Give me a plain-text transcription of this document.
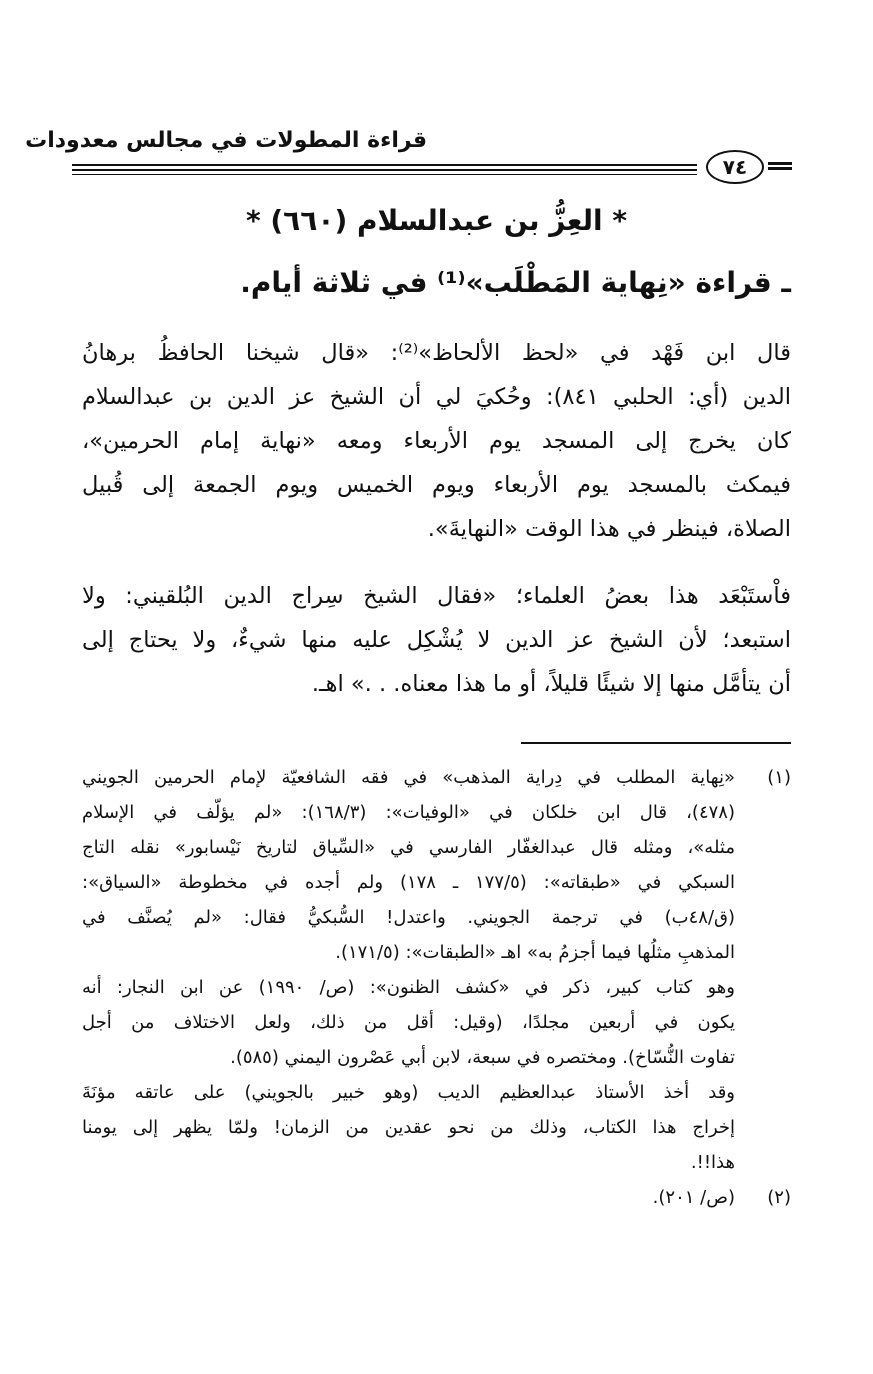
قراءة المطولات في مجالس معدودات
٧٤
* العِزُّ بن عبدالسلام (٦٦٠) *
ـ قراءة «نِهاية المَطْلَب»⁽¹⁾ في ثلاثة أيام.
قال ابن فَهْد في «لحظ الألحاظ»⁽²⁾: «قال شيخنا الحافظُ برهانُ
الدين (أي: الحلبي ٨٤١): وحُكيَ لي أن الشيخ عز الدين بن عبدالسلام
كان يخرج إلى المسجد يوم الأربعاء ومعه «نهاية إمام الحرمين»،
فيمكث بالمسجد يوم الأربعاء ويوم الخميس ويوم الجمعة إلى قُبيل
الصلاة، فينظر في هذا الوقت «النهايةَ».
فاْستَبْعَد هذا بعضُ العلماء؛ «فقال الشيخ سِراج الدين البُلقيني: ولا
استبعد؛ لأن الشيخ عز الدين لا يُشْكِل عليه منها شيءٌ، ولا يحتاج إلى
أن يتأمَّل منها إلا شيئًا قليلاً، أو ما هذا معناه. . .» اهـ.
(١)
«نِهاية المطلب في دِراية المذهب» في فقه الشافعيّة لإمام الحرمين الجويني
(٤٧٨)، قال ابن خلكان في «الوفيات»: (١٦٨/٣): «لم يؤلّف في الإسلام
مثله»، ومثله قال عبدالغفّار الفارسي في «السِّياق لتاريخ نَيْسابور» نقله التاج
السبكي في «طبقاته»: (١٧٧/٥ ـ ١٧٨) ولم أجده في مخطوطة «السياق»:
(ق/٤٨ب) في ترجمة الجويني. واعتدل! السُّبكيُّ فقال: «لم يُصنَّف في
المذهبِ مثلُها فيما أجزمُ به» اهـ «الطبقات»: (١٧١/٥).
وهو كتاب كبير، ذكر في «كشف الظنون»: (ص/ ١٩٩٠) عن ابن النجار: أنه
يكون في أربعين مجلدًا، (وقيل: أقل من ذلك، ولعل الاختلاف من أجل
تفاوت النُّسّاخ). ومختصره في سبعة، لابن أبي عَصْرون اليمني (٥٨٥).
وقد أخذ الأستاذ عبدالعظيم الديب (وهو خبير بالجويني) على عاتقه مؤنَةَ
إخراج هذا الكتاب، وذلك من نحو عقدين من الزمان! ولمّا يظهر إلى يومنا
هذا!!.
(٢)
(ص/ ٢٠١).
